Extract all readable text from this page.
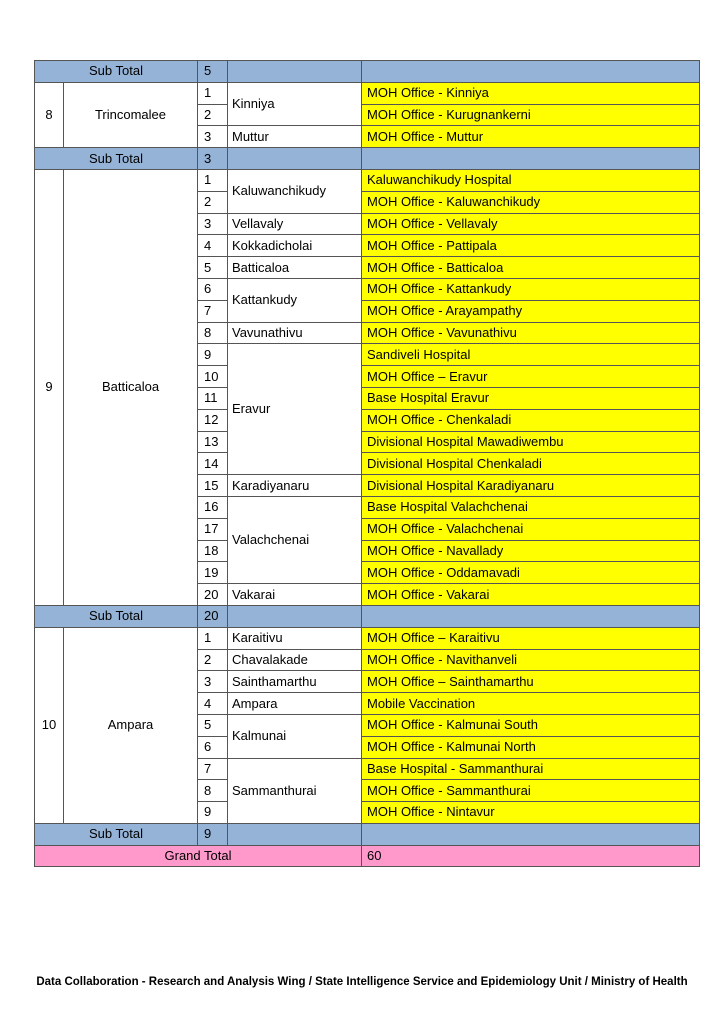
Sub Total		5		
8	Trincomalee	1	Kinniya	MOH Office - Kinniya
		2		MOH Office - Kurugnankerni
		3	Muttur	MOH Office - Muttur
Sub Total		3		
9	Batticaloa	1	Kaluwanchikudy	Kaluwanchikudy Hospital
		2		MOH Office - Kaluwanchikudy
		3	Vellavaly	MOH Office - Vellavaly
		4	Kokkadicholai	MOH Office - Pattipala
		5	Batticaloa	MOH Office - Batticaloa
		6	Kattankudy	MOH Office - Kattankudy
		7		MOH Office - Arayampathy
		8	Vavunathivu	MOH Office - Vavunathivu
		9	Eravur	Sandiveli Hospital
		10		MOH Office – Eravur
		11		Base Hospital Eravur
		12		MOH Office - Chenkaladi
		13		Divisional Hospital Mawadiwembu
		14		Divisional Hospital Chenkaladi
		15	Karadiyanaru	Divisional Hospital Karadiyanaru
		16	Valachchenai	Base Hospital Valachchenai
		17		MOH Office - Valachchenai
		18		MOH Office - Navallady
		19		MOH Office - Oddamavadi
		20	Vakarai	MOH Office - Vakarai
Sub Total		20		
10	Ampara	1	Karaitivu	MOH Office – Karaitivu
		2	Chavalakade	MOH Office - Navithanveli
		3	Sainthamarthu	MOH Office – Sainthamarthu
		4	Ampara	Mobile Vaccination
		5	Kalmunai	MOH Office - Kalmunai South
		6		MOH Office - Kalmunai North
		7	Sammanthurai	Base Hospital - Sammanthurai
		8		MOH Office - Sammanthurai
		9		MOH Office - Nintavur
Sub Total		9		
Grand Total				60
Data Collaboration - Research and Analysis Wing / State Intelligence Service and Epidemiology Unit / Ministry of Health
